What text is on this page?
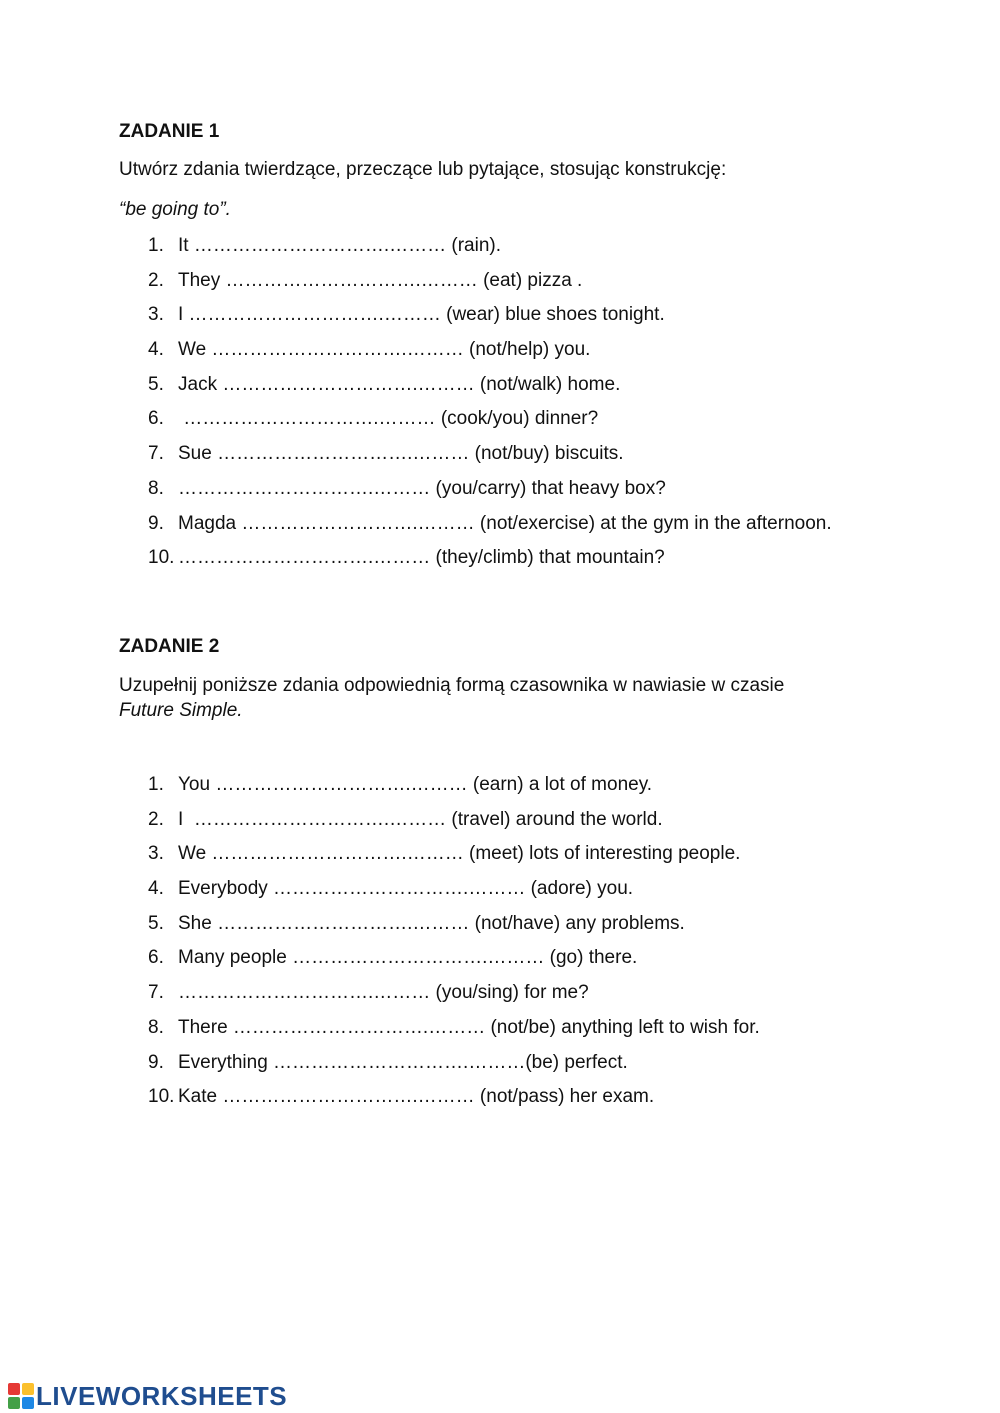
ZADANIE 1

Utwórz zdania twierdzące, przeczące lub pytające, stosując konstrukcję:

“be going to”.

1. It ………………………….……… (rain).
2. They ………………………….……… (eat) pizza .
3. I ………………………….……… (wear) blue shoes tonight.
4. We ………………………….……… (not/help) you.
5. Jack ………………………….……… (not/walk) home.
6. ………………………….……… (cook/you) dinner?
7. Sue ………………………….……… (not/buy) biscuits.
8. ………………………….……… (you/carry) that heavy box?
9. Magda ……………………….……… (not/exercise) at the gym in the afternoon.
10. ………………………….……… (they/climb) that mountain?
ZADANIE 2

Uzupełnij poniższe zdania odpowiednią formą czasownika w nawiasie w czasie

Future Simple.

1. You ………………………….……… (earn) a lot of money.
2. I  ………………………….……… (travel) around the world.
3. We ………………………….……… (meet) lots of interesting people.
4. Everybody ………………………….……… (adore) you.
5. She ………………………….……… (not/have) any problems.
6. Many people ………………………….……… (go) there.
7. ………………………….……… (you/sing) for me?
8. There ………………………….……… (not/be) anything left to wish for.
9. Everything ………………………….………(be) perfect.
10. Kate ………………………….……… (not/pass) her exam.
LIVEWORKSHEETS
